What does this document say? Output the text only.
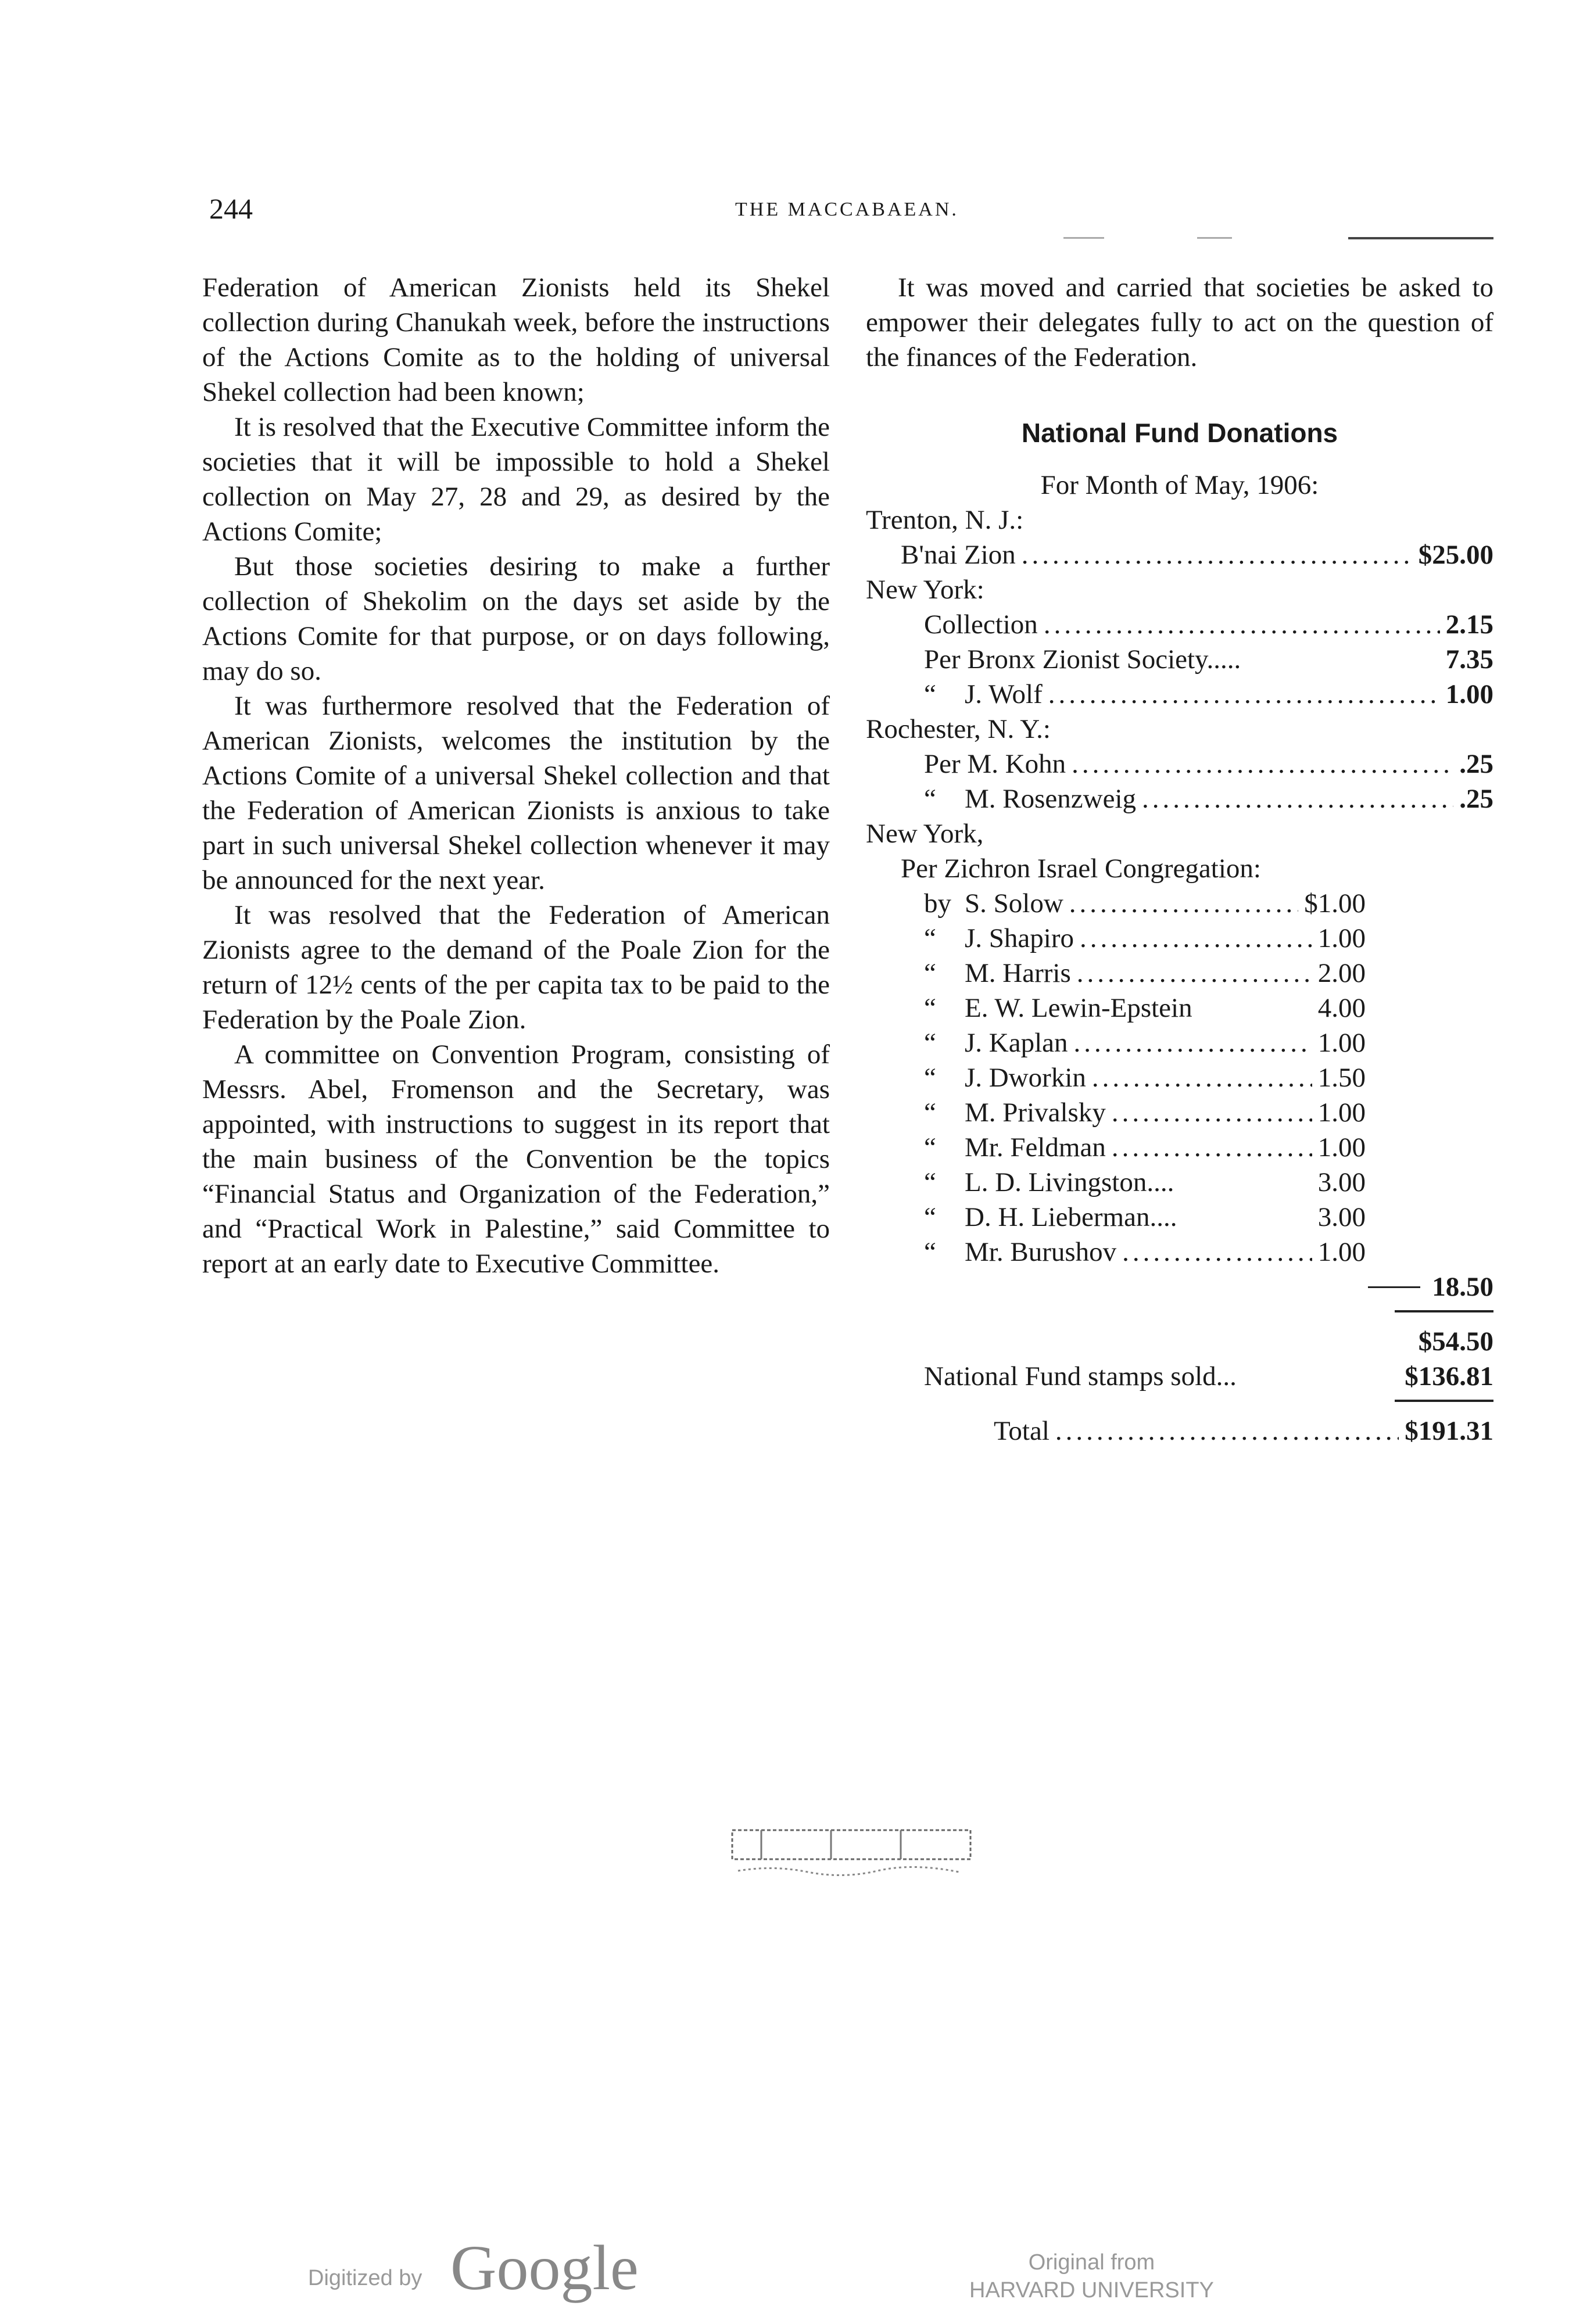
244	THE MACCABAEAN.

Federation of American Zionists held its Shekel collection during Chanukah week, before the instructions of the Actions Comite as to the holding of universal Shekel collection had been known;

It is resolved that the Executive Committee inform the societies that it will be impossible to hold a Shekel collection on May 27, 28 and 29, as desired by the Actions Comite;

But those societies desiring to make a further collection of Shekolim on the days set aside by the Actions Comite for that purpose, or on days following, may do so.

It was furthermore resolved that the Federation of American Zionists, welcomes the institution by the Actions Comite of a universal Shekel collection and that the Federation of American Zionists is anxious to take part in such universal Shekel collection whenever it may be announced for the next year.

It was resolved that the Federation of American Zionists agree to the demand of the Poale Zion for the return of 12½ cents of the per capita tax to be paid to the Federation by the Poale Zion.

A committee on Convention Program, consisting of Messrs. Abel, Fromenson and the Secretary, was appointed, with instructions to suggest in its report that the main business of the Convention be the topics “Financial Status and Organization of the Federation,” and “Practical Work in Palestine,” said Committee to report at an early date to Executive Committee.

It was moved and carried that societies be asked to empower their delegates fully to act on the question of the finances of the Federation.

National Fund Donations

For Month of May, 1906:

Trenton, N. J.:
B'nai Zion .....	$25.00
New York:
Collection .....	2.15
Per Bronx Zionist Society.....	7.35
“	J. Wolf .....	1.00
Rochester, N. Y.:
Per M. Kohn .....	.25
“	M. Rosenzweig .....	.25
New York,
Per Zichron Israel Congregation:
by S. Solow .....	$1.00
“	J. Shapiro .....	1.00
“	M. Harris .....	2.00
“	E. W. Lewin-Epstein	4.00
“	J. Kaplan .....	1.00
“	J. Dworkin .....	1.50
“	M. Privalsky .....	1.00
“	Mr. Feldman .....	1.00
“	L. D. Livingston....	3.00
“	D. H. Lieberman....	3.00
“	Mr. Burushov .....	1.00
18.50
$54.50
National Fund stamps sold...	$136.81
Total .....	$191.31
Digitized by Google	Original from
HARVARD UNIVERSITY
